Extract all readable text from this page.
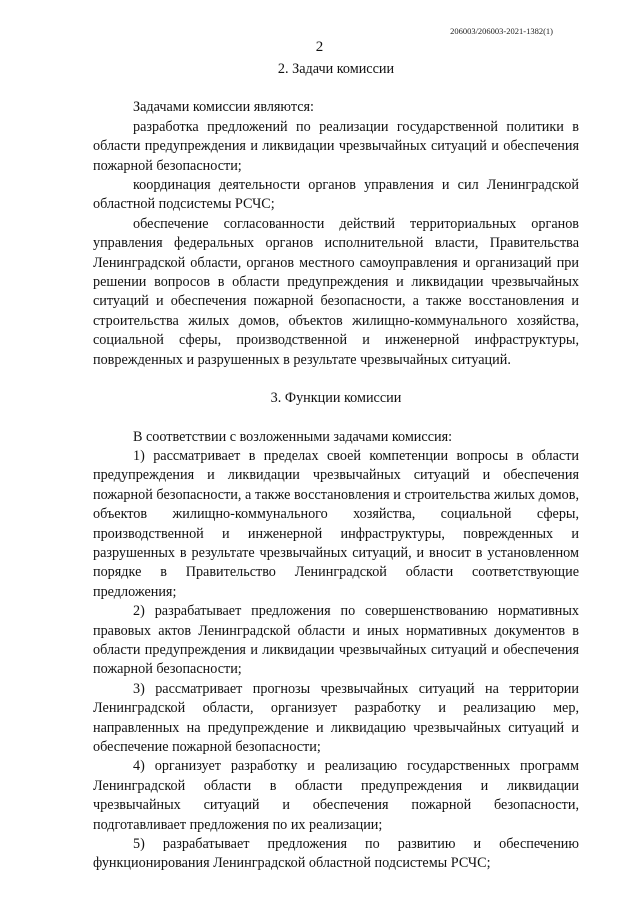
206003/206003-2021-1382(1)
2

2. Задачи комиссии

Задачами комиссии являются:

разработка предложений по реализации государственной политики в области предупреждения и ликвидации чрезвычайных ситуаций и обеспечения пожарной безопасности;

координация деятельности органов управления и сил Ленинградской областной подсистемы РСЧС;

обеспечение согласованности действий территориальных органов управления федеральных органов исполнительной власти, Правительства Ленинградской области, органов местного самоуправления и организаций при решении вопросов в области предупреждения и ликвидации чрезвычайных ситуаций и обеспечения пожарной безопасности, а также восстановления и строительства жилых домов, объектов жилищно-коммунального хозяйства, социальной сферы, производственной и инженерной инфраструктуры, поврежденных и разрушенных в результате чрезвычайных ситуаций.

3. Функции комиссии

В соответствии с возложенными задачами комиссия:

1) рассматривает в пределах своей компетенции вопросы в области предупреждения и ликвидации чрезвычайных ситуаций и обеспечения пожарной безопасности, а также восстановления и строительства жилых домов, объектов жилищно-коммунального хозяйства, социальной сферы, производственной и инженерной инфраструктуры, поврежденных и разрушенных в результате чрезвычайных ситуаций, и вносит в установленном порядке в Правительство Ленинградской области соответствующие предложения;

2) разрабатывает предложения по совершенствованию нормативных правовых актов Ленинградской области и иных нормативных документов в области предупреждения и ликвидации чрезвычайных ситуаций и обеспечения пожарной безопасности;

3) рассматривает прогнозы чрезвычайных ситуаций на территории Ленинградской области, организует разработку и реализацию мер, направленных на предупреждение и ликвидацию чрезвычайных ситуаций и обеспечение пожарной безопасности;

4) организует разработку и реализацию государственных программ Ленинградской области в области предупреждения и ликвидации чрезвычайных ситуаций и обеспечения пожарной безопасности, подготавливает предложения по их реализации;

5) разрабатывает предложения по развитию и обеспечению функционирования Ленинградской областной подсистемы РСЧС;
